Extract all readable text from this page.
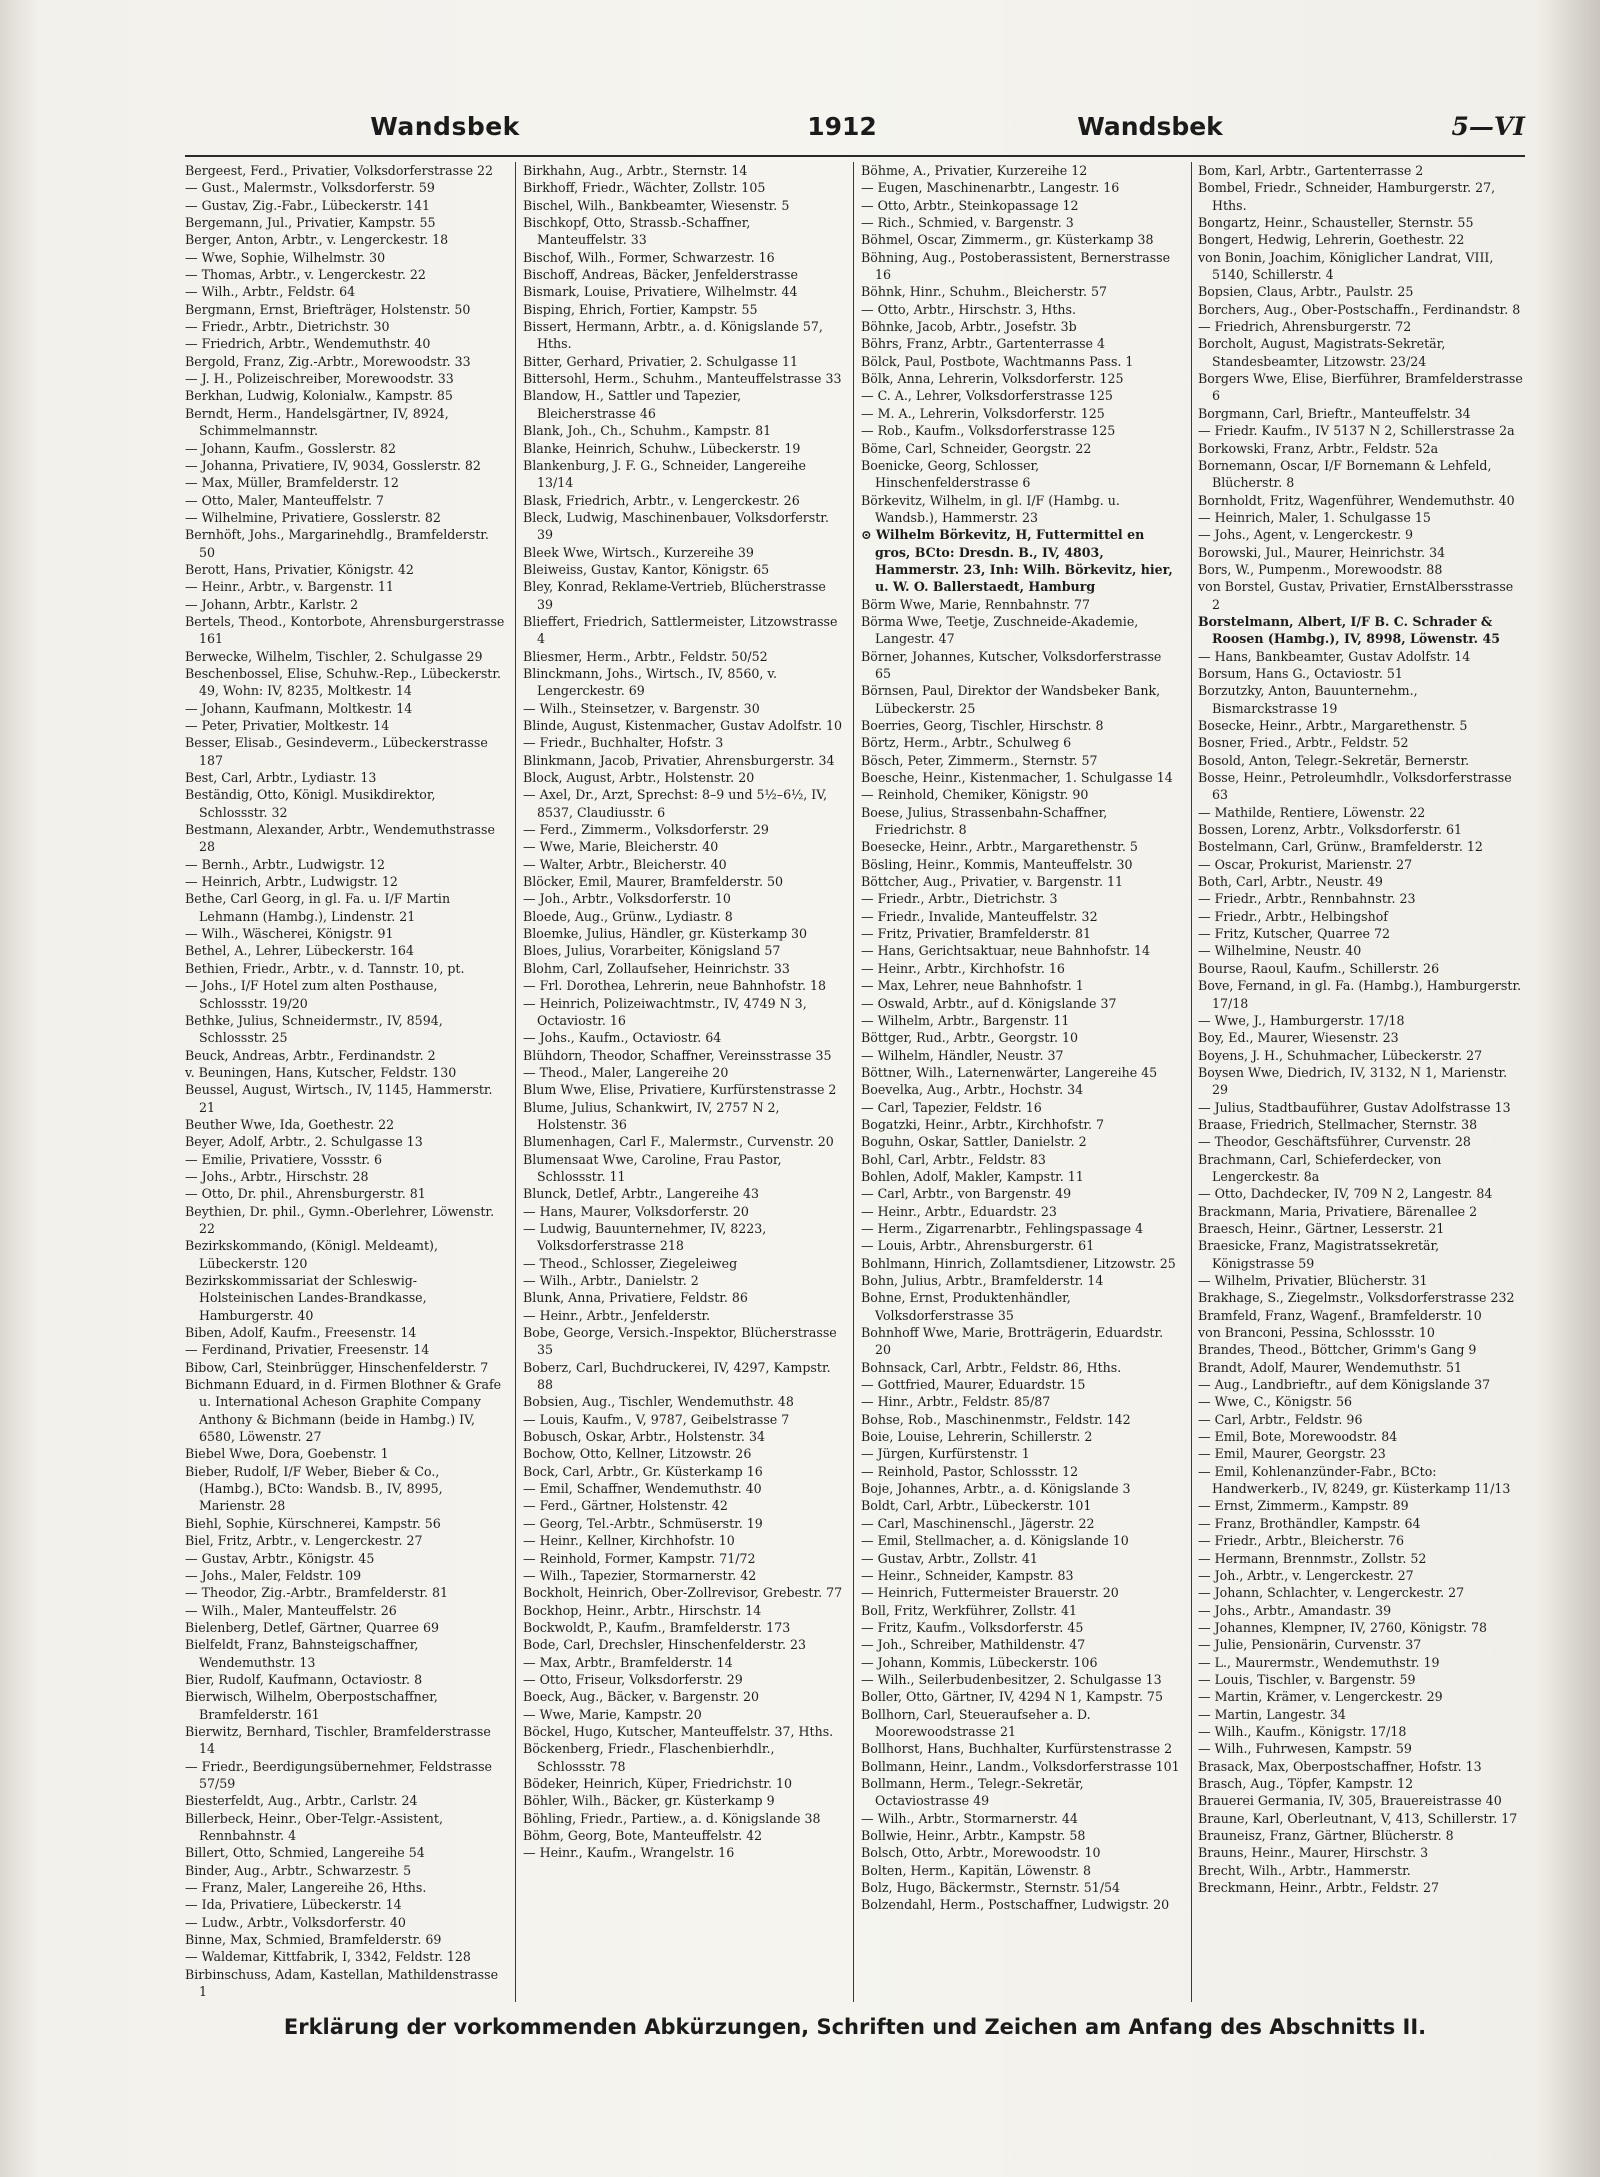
Wandsbek	1912	Wandsbek	5—VI

Bergeest, Ferd., Privatier, Volksdorferstrasse 22

— Gust., Malermstr., Volksdorferstr. 59

— Gustav, Zig.-Fabr., Lübeckerstr. 141

Bergemann, Jul., Privatier, Kampstr. 55

Berger, Anton, Arbtr., v. Lengerckestr. 18

— Wwe, Sophie, Wilhelmstr. 30

— Thomas, Arbtr., v. Lengerckestr. 22

— Wilh., Arbtr., Feldstr. 64

Bergmann, Ernst, Briefträger, Holstenstr. 50

— Friedr., Arbtr., Dietrichstr. 30

— Friedrich, Arbtr., Wendemuthstr. 40

Bergold, Franz, Zig.-Arbtr., Morewoodstr. 33

— J. H., Polizeischreiber, Morewoodstr. 33

Berkhan, Ludwig, Kolonialw., Kampstr. 85

Berndt, Herm., Handelsgärtner, IV, 8924, Schimmelmannstr.

— Johann, Kaufm., Gosslerstr. 82

— Johanna, Privatiere, IV, 9034, Gosslerstr. 82

— Max, Müller, Bramfelderstr. 12

— Otto, Maler, Manteuffelstr. 7

— Wilhelmine, Privatiere, Gosslerstr. 82

Bernhöft, Johs., Margarinehdlg., Bramfelderstr. 50

Berott, Hans, Privatier, Königstr. 42

— Heinr., Arbtr., v. Bargenstr. 11

— Johann, Arbtr., Karlstr. 2

Bertels, Theod., Kontorbote, Ahrensburgerstrasse 161

Berwecke, Wilhelm, Tischler, 2. Schulgasse 29

Beschenbossel, Elise, Schuhw.-Rep., Lübeckerstr. 49, Wohn: IV, 8235, Moltkestr. 14

— Johann, Kaufmann, Moltkestr. 14

— Peter, Privatier, Moltkestr. 14

Besser, Elisab., Gesindeverm., Lübeckerstrasse 187

Best, Carl, Arbtr., Lydiastr. 13

Beständig, Otto, Königl. Musikdirektor, Schlossstr. 32

Bestmann, Alexander, Arbtr., Wendemuthstrasse 28

— Bernh., Arbtr., Ludwigstr. 12

— Heinrich, Arbtr., Ludwigstr. 12

Bethe, Carl Georg, in gl. Fa. u. I/F Martin Lehmann (Hambg.), Lindenstr. 21

— Wilh., Wäscherei, Königstr. 91

Bethel, A., Lehrer, Lübeckerstr. 164

Bethien, Friedr., Arbtr., v. d. Tannstr. 10, pt.

— Johs., I/F Hotel zum alten Posthause, Schlossstr. 19/20

Bethke, Julius, Schneidermstr., IV, 8594, Schlossstr. 25

Beuck, Andreas, Arbtr., Ferdinandstr. 2

v. Beuningen, Hans, Kutscher, Feldstr. 130

Beussel, August, Wirtsch., IV, 1145, Hammerstr. 21

Beuther Wwe, Ida, Goethestr. 22

Beyer, Adolf, Arbtr., 2. Schulgasse 13

— Emilie, Privatiere, Vossstr. 6

— Johs., Arbtr., Hirschstr. 28

— Otto, Dr. phil., Ahrensburgerstr. 81

Beythien, Dr. phil., Gymn.-Oberlehrer, Löwenstr. 22

Bezirkskommando, (Königl. Meldeamt), Lübeckerstr. 120

Bezirkskommissariat der Schleswig-Holsteinischen Landes-Brandkasse, Hamburgerstr. 40

Biben, Adolf, Kaufm., Freesenstr. 14

— Ferdinand, Privatier, Freesenstr. 14

Bibow, Carl, Steinbrügger, Hinschenfelderstr. 7

Bichmann Eduard, in d. Firmen Blothner & Grafe u. International Acheson Graphite Company Anthony & Bichmann (beide in Hambg.) IV, 6580, Löwenstr. 27

Biebel Wwe, Dora, Goebenstr. 1

Bieber, Rudolf, I/F Weber, Bieber & Co., (Hambg.), BCto: Wandsb. B., IV, 8995, Marienstr. 28

Biehl, Sophie, Kürschnerei, Kampstr. 56

Biel, Fritz, Arbtr., v. Lengerckestr. 27

— Gustav, Arbtr., Königstr. 45

— Johs., Maler, Feldstr. 109

— Theodor, Zig.-Arbtr., Bramfelderstr. 81

— Wilh., Maler, Manteuffelstr. 26

Bielenberg, Detlef, Gärtner, Quarree 69

Bielfeldt, Franz, Bahnsteigschaffner, Wendemuthstr. 13

Bier, Rudolf, Kaufmann, Octaviostr. 8

Bierwisch, Wilhelm, Oberpostschaffner, Bramfelderstr. 161

Bierwitz, Bernhard, Tischler, Bramfelderstrasse 14

— Friedr., Beerdigungsübernehmer, Feldstrasse 57/59

Biesterfeldt, Aug., Arbtr., Carlstr. 24

Billerbeck, Heinr., Ober-Telgr.-Assistent, Rennbahnstr. 4

Billert, Otto, Schmied, Langereihe 54

Binder, Aug., Arbtr., Schwarzestr. 5

— Franz, Maler, Langereihe 26, Hths.

— Ida, Privatiere, Lübeckerstr. 14

— Ludw., Arbtr., Volksdorferstr. 40

Binne, Max, Schmied, Bramfelderstr. 69

— Waldemar, Kittfabrik, I, 3342, Feldstr. 128

Birbinschuss, Adam, Kastellan, Mathildenstrasse 1

Birkhahn, Aug., Arbtr., Sternstr. 14

Birkhoff, Friedr., Wächter, Zollstr. 105

Bischel, Wilh., Bankbeamter, Wiesenstr. 5

Bischkopf, Otto, Strassb.-Schaffner, Manteuffelstr. 33

Bischof, Wilh., Former, Schwarzestr. 16

Bischoff, Andreas, Bäcker, Jenfelderstrasse

Bismark, Louise, Privatiere, Wilhelmstr. 44

Bisping, Ehrich, Fortier, Kampstr. 55

Bissert, Hermann, Arbtr., a. d. Königslande 57, Hths.

Bitter, Gerhard, Privatier, 2. Schulgasse 11

Bittersohl, Herm., Schuhm., Manteuffelstrasse 33

Blandow, H., Sattler und Tapezier, Bleicherstrasse 46

Blank, Joh., Ch., Schuhm., Kampstr. 81

Blanke, Heinrich, Schuhw., Lübeckerstr. 19

Blankenburg, J. F. G., Schneider, Langereihe 13/14

Blask, Friedrich, Arbtr., v. Lengerckestr. 26

Bleck, Ludwig, Maschinenbauer, Volksdorferstr. 39

Bleek Wwe, Wirtsch., Kurzereihe 39

Bleiweiss, Gustav, Kantor, Königstr. 65

Bley, Konrad, Reklame-Vertrieb, Blücherstrasse 39

Blieffert, Friedrich, Sattlermeister, Litzowstrasse 4

Bliesmer, Herm., Arbtr., Feldstr. 50/52

Blinckmann, Johs., Wirtsch., IV, 8560, v. Lengerckestr. 69

— Wilh., Steinsetzer, v. Bargenstr. 30

Blinde, August, Kistenmacher, Gustav Adolfstr. 10

— Friedr., Buchhalter, Hofstr. 3

Blinkmann, Jacob, Privatier, Ahrensburgerstr. 34

Block, August, Arbtr., Holstenstr. 20

— Axel, Dr., Arzt, Sprechst: 8–9 und 5½–6½, IV, 8537, Claudiusstr. 6

— Ferd., Zimmerm., Volksdorferstr. 29

— Wwe, Marie, Bleicherstr. 40

— Walter, Arbtr., Bleicherstr. 40

Blöcker, Emil, Maurer, Bramfelderstr. 50

— Joh., Arbtr., Volksdorferstr. 10

Bloede, Aug., Grünw., Lydiastr. 8

Bloemke, Julius, Händler, gr. Küsterkamp 30

Bloes, Julius, Vorarbeiter, Königsland 57

Blohm, Carl, Zollaufseher, Heinrichstr. 33

— Frl. Dorothea, Lehrerin, neue Bahnhofstr. 18

— Heinrich, Polizeiwachtmstr., IV, 4749 N 3, Octaviostr. 16

— Johs., Kaufm., Octaviostr. 64

Blühdorn, Theodor, Schaffner, Vereinsstrasse 35

— Theod., Maler, Langereihe 20

Blum Wwe, Elise, Privatiere, Kurfürstenstrasse 2

Blume, Julius, Schankwirt, IV, 2757 N 2, Holstenstr. 36

Blumenhagen, Carl F., Malermstr., Curvenstr. 20

Blumensaat Wwe, Caroline, Frau Pastor, Schlossstr. 11

Blunck, Detlef, Arbtr., Langereihe 43

— Hans, Maurer, Volksdorferstr. 20

— Ludwig, Bauunternehmer, IV, 8223, Volksdorferstrasse 218

— Theod., Schlosser, Ziegeleiweg

— Wilh., Arbtr., Danielstr. 2

Blunk, Anna, Privatiere, Feldstr. 86

— Heinr., Arbtr., Jenfelderstr.

Bobe, George, Versich.-Inspektor, Blücherstrasse 35

Boberz, Carl, Buchdruckerei, IV, 4297, Kampstr. 88

Bobsien, Aug., Tischler, Wendemuthstr. 48

— Louis, Kaufm., V, 9787, Geibelstrasse 7

Bobusch, Oskar, Arbtr., Holstenstr. 34

Bochow, Otto, Kellner, Litzowstr. 26

Bock, Carl, Arbtr., Gr. Küsterkamp 16

— Emil, Schaffner, Wendemuthstr. 40

— Ferd., Gärtner, Holstenstr. 42

— Georg, Tel.-Arbtr., Schmüserstr. 19

— Heinr., Kellner, Kirchhofstr. 10

— Reinhold, Former, Kampstr. 71/72

— Wilh., Tapezier, Stormarnerstr. 42

Bockholt, Heinrich, Ober-Zollrevisor, Grebestr. 77

Bockhop, Heinr., Arbtr., Hirschstr. 14

Bockwoldt, P., Kaufm., Bramfelderstr. 173

Bode, Carl, Drechsler, Hinschenfelderstr. 23

— Max, Arbtr., Bramfelderstr. 14

— Otto, Friseur, Volksdorferstr. 29

Boeck, Aug., Bäcker, v. Bargenstr. 20

— Wwe, Marie, Kampstr. 20

Böckel, Hugo, Kutscher, Manteuffelstr. 37, Hths.

Böckenberg, Friedr., Flaschenbierhdlr., Schlossstr. 78

Bödeker, Heinrich, Küper, Friedrichstr. 10

Böhler, Wilh., Bäcker, gr. Küsterkamp 9

Böhling, Friedr., Partiew., a. d. Königslande 38

Böhm, Georg, Bote, Manteuffelstr. 42

— Heinr., Kaufm., Wrangelstr. 16

Böhme, A., Privatier, Kurzereihe 12

— Eugen, Maschinenarbtr., Langestr. 16

— Otto, Arbtr., Steinkopassage 12

— Rich., Schmied, v. Bargenstr. 3

Böhmel, Oscar, Zimmerm., gr. Küsterkamp 38

Böhning, Aug., Postoberassistent, Bernerstrasse 16

Böhnk, Hinr., Schuhm., Bleicherstr. 57

— Otto, Arbtr., Hirschstr. 3, Hths.

Böhnke, Jacob, Arbtr., Josefstr. 3b

Böhrs, Franz, Arbtr., Gartenterrasse 4

Bölck, Paul, Postbote, Wachtmanns Pass. 1

Bölk, Anna, Lehrerin, Volksdorferstr. 125

— C. A., Lehrer, Volksdorferstrasse 125

— M. A., Lehrerin, Volksdorferstr. 125

— Rob., Kaufm., Volksdorferstrasse 125

Böme, Carl, Schneider, Georgstr. 22

Boenicke, Georg, Schlosser, Hinschenfelderstrasse 6

Börkevitz, Wilhelm, in gl. I/F (Hambg. u. Wandsb.), Hammerstr. 23

⊙ Wilhelm Börkevitz, H, Futtermittel en gros, BCto: Dresdn. B., IV, 4803, Hammerstr. 23, Inh: Wilh. Börkevitz, hier, u. W. O. Ballerstaedt, Hamburg

Börm Wwe, Marie, Rennbahnstr. 77

Börma Wwe, Teetje, Zuschneide-Akademie, Langestr. 47

Börner, Johannes, Kutscher, Volksdorferstrasse 65

Börnsen, Paul, Direktor der Wandsbeker Bank, Lübeckerstr. 25

Boerries, Georg, Tischler, Hirschstr. 8

Börtz, Herm., Arbtr., Schulweg 6

Bösch, Peter, Zimmerm., Sternstr. 57

Boesche, Heinr., Kistenmacher, 1. Schulgasse 14

— Reinhold, Chemiker, Königstr. 90

Boese, Julius, Strassenbahn-Schaffner, Friedrichstr. 8

Boesecke, Heinr., Arbtr., Margarethenstr. 5

Bösling, Heinr., Kommis, Manteuffelstr. 30

Böttcher, Aug., Privatier, v. Bargenstr. 11

— Friedr., Arbtr., Dietrichstr. 3

— Friedr., Invalide, Manteuffelstr. 32

— Fritz, Privatier, Bramfelderstr. 81

— Hans, Gerichtsaktuar, neue Bahnhofstr. 14

— Heinr., Arbtr., Kirchhofstr. 16

— Max, Lehrer, neue Bahnhofstr. 1

— Oswald, Arbtr., auf d. Königslande 37

— Wilhelm, Arbtr., Bargenstr. 11

Böttger, Rud., Arbtr., Georgstr. 10

— Wilhelm, Händler, Neustr. 37

Böttner, Wilh., Laternenwärter, Langereihe 45

Boevelka, Aug., Arbtr., Hochstr. 34

— Carl, Tapezier, Feldstr. 16

Bogatzki, Heinr., Arbtr., Kirchhofstr. 7

Boguhn, Oskar, Sattler, Danielstr. 2

Bohl, Carl, Arbtr., Feldstr. 83

Bohlen, Adolf, Makler, Kampstr. 11

— Carl, Arbtr., von Bargenstr. 49

— Heinr., Arbtr., Eduardstr. 23

— Herm., Zigarrenarbtr., Fehlingspassage 4

— Louis, Arbtr., Ahrensburgerstr. 61

Bohlmann, Hinrich, Zollamtsdiener, Litzowstr. 25

Bohn, Julius, Arbtr., Bramfelderstr. 14

Bohne, Ernst, Produktenhändler, Volksdorferstrasse 35

Bohnhoff Wwe, Marie, Brotträgerin, Eduardstr. 20

Bohnsack, Carl, Arbtr., Feldstr. 86, Hths.

— Gottfried, Maurer, Eduardstr. 15

— Hinr., Arbtr., Feldstr. 85/87

Bohse, Rob., Maschinenmstr., Feldstr. 142

Boie, Louise, Lehrerin, Schillerstr. 2

— Jürgen, Kurfürstenstr. 1

— Reinhold, Pastor, Schlossstr. 12

Boje, Johannes, Arbtr., a. d. Königslande 3

Boldt, Carl, Arbtr., Lübeckerstr. 101

— Carl, Maschinenschl., Jägerstr. 22

— Emil, Stellmacher, a. d. Königslande 10

— Gustav, Arbtr., Zollstr. 41

— Heinr., Schneider, Kampstr. 83

— Heinrich, Futtermeister Brauerstr. 20

Boll, Fritz, Werkführer, Zollstr. 41

— Fritz, Kaufm., Volksdorferstr. 45

— Joh., Schreiber, Mathildenstr. 47

— Johann, Kommis, Lübeckerstr. 106

— Wilh., Seilerbudenbesitzer, 2. Schulgasse 13

Boller, Otto, Gärtner, IV, 4294 N 1, Kampstr. 75

Bollhorn, Carl, Steueraufseher a. D. Moorewoodstrasse 21

Bollhorst, Hans, Buchhalter, Kurfürstenstrasse 2

Bollmann, Heinr., Landm., Volksdorferstrasse 101

Bollmann, Herm., Telegr.-Sekretär, Octaviostrasse 49

— Wilh., Arbtr., Stormarnerstr. 44

Bollwie, Heinr., Arbtr., Kampstr. 58

Bolsch, Otto, Arbtr., Morewoodstr. 10

Bolten, Herm., Kapitän, Löwenstr. 8

Bolz, Hugo, Bäckermstr., Sternstr. 51/54

Bolzendahl, Herm., Postschaffner, Ludwigstr. 20

Bom, Karl, Arbtr., Gartenterrasse 2

Bombel, Friedr., Schneider, Hamburgerstr. 27, Hths.

Bongartz, Heinr., Schausteller, Sternstr. 55

Bongert, Hedwig, Lehrerin, Goethestr. 22

von Bonin, Joachim, Königlicher Landrat, VIII, 5140, Schillerstr. 4

Bopsien, Claus, Arbtr., Paulstr. 25

Borchers, Aug., Ober-Postschaffn., Ferdinandstr. 8

— Friedrich, Ahrensburgerstr. 72

Borcholt, August, Magistrats-Sekretär, Standesbeamter, Litzowstr. 23/24

Borgers Wwe, Elise, Bierführer, Bramfelderstrasse 6

Borgmann, Carl, Brieftr., Manteuffelstr. 34

— Friedr. Kaufm., IV 5137 N 2, Schillerstrasse 2a

Borkowski, Franz, Arbtr., Feldstr. 52a

Bornemann, Oscar, I/F Bornemann & Lehfeld, Blücherstr. 8

Bornholdt, Fritz, Wagenführer, Wendemuthstr. 40

— Heinrich, Maler, 1. Schulgasse 15

— Johs., Agent, v. Lengerckestr. 9

Borowski, Jul., Maurer, Heinrichstr. 34

Bors, W., Pumpenm., Morewoodstr. 88

von Borstel, Gustav, Privatier, ErnstAlbersstrasse 2

Borstelmann, Albert, I/F B. C. Schrader & Roosen (Hambg.), IV, 8998, Löwenstr. 45

— Hans, Bankbeamter, Gustav Adolfstr. 14

Borsum, Hans G., Octaviostr. 51

Borzutzky, Anton, Bauunternehm., Bismarckstrasse 19

Bosecke, Heinr., Arbtr., Margarethenstr. 5

Bosner, Fried., Arbtr., Feldstr. 52

Bosold, Anton, Telegr.-Sekretär, Bernerstr.

Bosse, Heinr., Petroleumhdlr., Volksdorferstrasse 63

— Mathilde, Rentiere, Löwenstr. 22

Bossen, Lorenz, Arbtr., Volksdorferstr. 61

Bostelmann, Carl, Grünw., Bramfelderstr. 12

— Oscar, Prokurist, Marienstr. 27

Both, Carl, Arbtr., Neustr. 49

— Friedr., Arbtr., Rennbahnstr. 23

— Friedr., Arbtr., Helbingshof

— Fritz, Kutscher, Quarree 72

— Wilhelmine, Neustr. 40

Bourse, Raoul, Kaufm., Schillerstr. 26

Bove, Fernand, in gl. Fa. (Hambg.), Hamburgerstr. 17/18

— Wwe, J., Hamburgerstr. 17/18

Boy, Ed., Maurer, Wiesenstr. 23

Boyens, J. H., Schuhmacher, Lübeckerstr. 27

Boysen Wwe, Diedrich, IV, 3132, N 1, Marienstr. 29

— Julius, Stadtbauführer, Gustav Adolfstrasse 13

Braase, Friedrich, Stellmacher, Sternstr. 38

— Theodor, Geschäftsführer, Curvenstr. 28

Brachmann, Carl, Schieferdecker, von Lengerckestr. 8a

— Otto, Dachdecker, IV, 709 N 2, Langestr. 84

Brackmann, Maria, Privatiere, Bärenallee 2

Braesch, Heinr., Gärtner, Lesserstr. 21

Braesicke, Franz, Magistratssekretär, Königstrasse 59

— Wilhelm, Privatier, Blücherstr. 31

Brakhage, S., Ziegelmstr., Volksdorferstrasse 232

Bramfeld, Franz, Wagenf., Bramfelderstr. 10

von Branconi, Pessina, Schlossstr. 10

Brandes, Theod., Böttcher, Grimm's Gang 9

Brandt, Adolf, Maurer, Wendemuthstr. 51

— Aug., Landbrieftr., auf dem Königslande 37

— Wwe, C., Königstr. 56

— Carl, Arbtr., Feldstr. 96

— Emil, Bote, Morewoodstr. 84

— Emil, Maurer, Georgstr. 23

— Emil, Kohlenanzünder-Fabr., BCto: Handwerkerb., IV, 8249, gr. Küsterkamp 11/13

— Ernst, Zimmerm., Kampstr. 89

— Franz, Brothändler, Kampstr. 64

— Friedr., Arbtr., Bleicherstr. 76

— Hermann, Brennmstr., Zollstr. 52

— Joh., Arbtr., v. Lengerckestr. 27

— Johann, Schlachter, v. Lengerckestr. 27

— Johs., Arbtr., Amandastr. 39

— Johannes, Klempner, IV, 2760, Königstr. 78

— Julie, Pensionärin, Curvenstr. 37

— L., Maurermstr., Wendemuthstr. 19

— Louis, Tischler, v. Bargenstr. 59

— Martin, Krämer, v. Lengerckestr. 29

— Martin, Langestr. 34

— Wilh., Kaufm., Königstr. 17/18

— Wilh., Fuhrwesen, Kampstr. 59

Brasack, Max, Oberpostschaffner, Hofstr. 13

Brasch, Aug., Töpfer, Kampstr. 12

Brauerei Germania, IV, 305, Brauereistrasse 40

Braune, Karl, Oberleutnant, V, 413, Schillerstr. 17

Brauneisz, Franz, Gärtner, Blücherstr. 8

Brauns, Heinr., Maurer, Hirschstr. 3

Brecht, Wilh., Arbtr., Hammerstr.

Breckmann, Heinr., Arbtr., Feldstr. 27

Erklärung der vorkommenden Abkürzungen, Schriften und Zeichen am Anfang des Abschnitts II.
